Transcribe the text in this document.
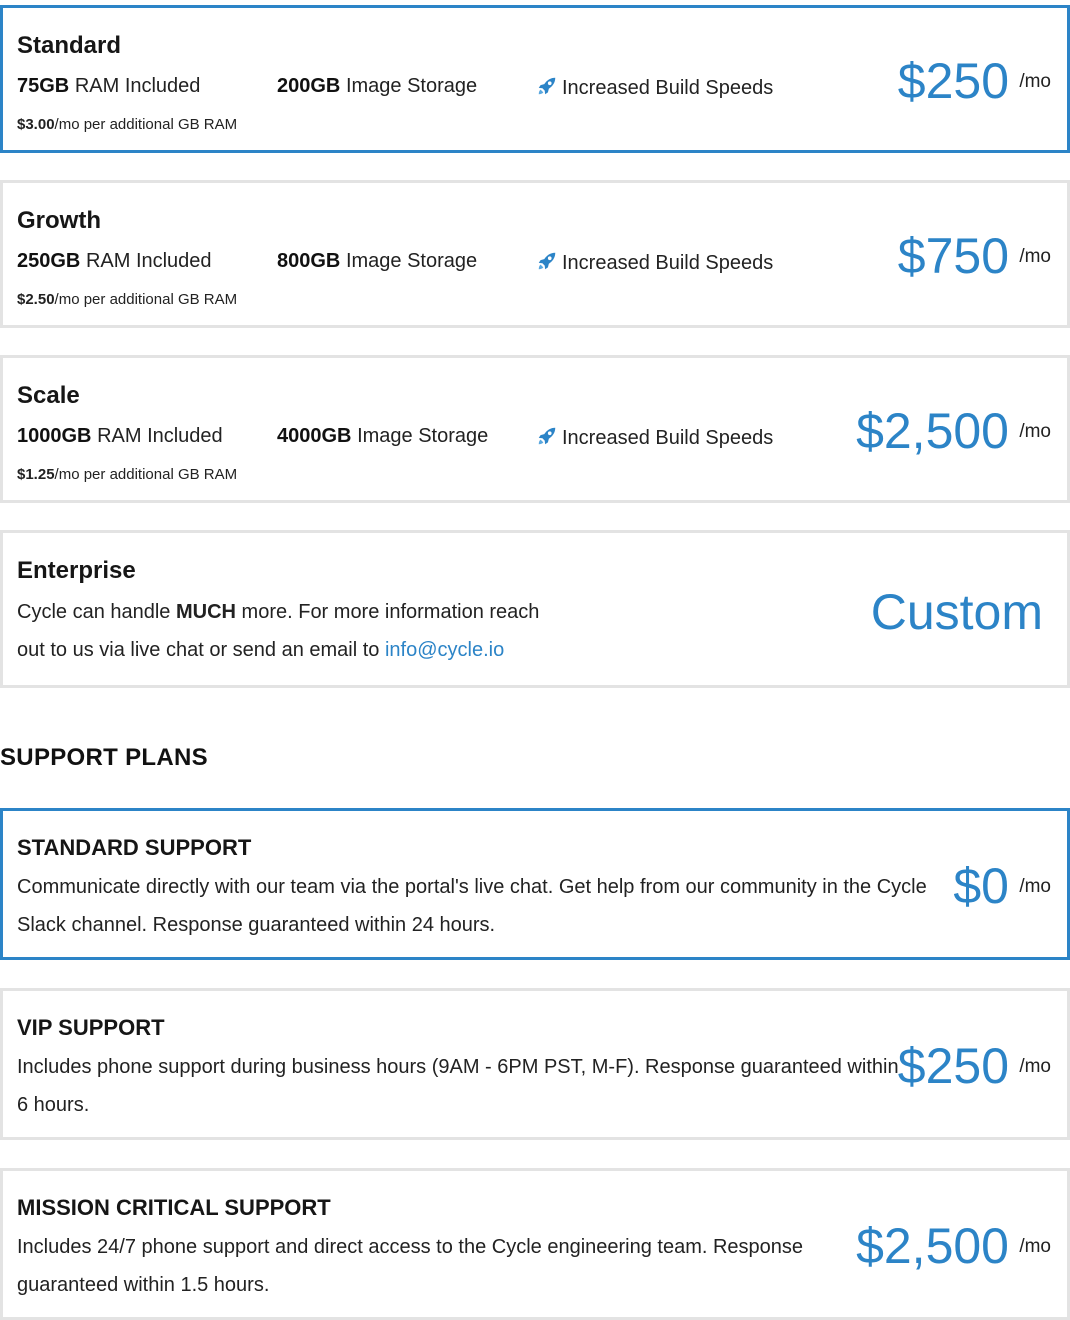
Standard
75GB RAM Included	200GB Image Storage	Increased Build Speeds
$3.00/mo per additional GB RAM
$250 /mo
Growth
250GB RAM Included	800GB Image Storage	Increased Build Speeds
$2.50/mo per additional GB RAM
$750 /mo
Scale
1000GB RAM Included	4000GB Image Storage	Increased Build Speeds
$1.25/mo per additional GB RAM
$2,500 /mo
Enterprise
Cycle can handle MUCH more. For more information reach out to us via live chat or send an email to info@cycle.io
Custom
SUPPORT PLANS
STANDARD SUPPORT
Communicate directly with our team via the portal's live chat. Get help from our community in the Cycle Slack channel. Response guaranteed within 24 hours.
$0 /mo
VIP SUPPORT
Includes phone support during business hours (9AM - 6PM PST, M-F). Response guaranteed within 6 hours.
$250 /mo
MISSION CRITICAL SUPPORT
Includes 24/7 phone support and direct access to the Cycle engineering team. Response guaranteed within 1.5 hours.
$2,500 /mo
